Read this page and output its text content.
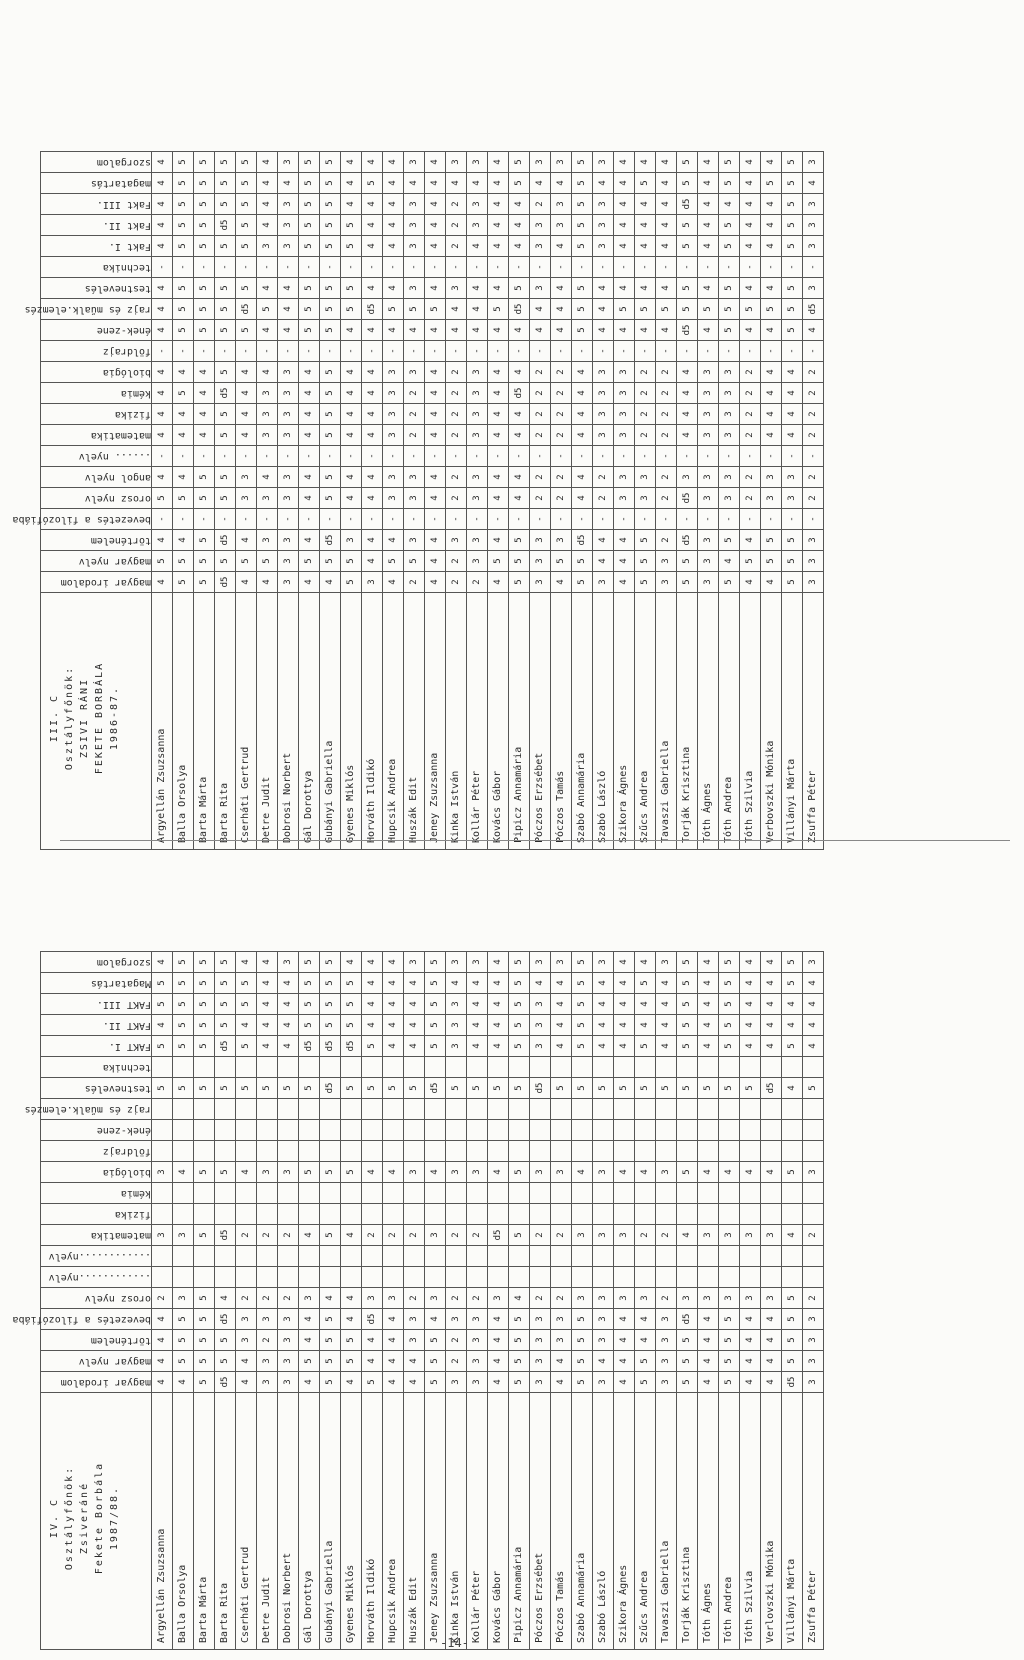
III. C Osztályfőnök: ZSIVI RÁNI FEKETE BORBÁLA 1986-87.	magyar irodalom	magyar nyelv	történelem	bevezetés a filozófiába	orosz nyelv	angol nyelv	...... nyelv	matematika	fizika	kémia	biológia	földrajz	ének-zene	rajz és műalk.elemzés	testnevelés	technika	Fakt I.	Fakt II.	Fakt III.	magatartás	szorgalom

Argyellán Zsuzsanna	4	5	4	-	5	4	-	4	4	4	4	-	4	4	4	-	4	4	4	4	4
Balla Orsolya	5	5	4	-	5	4	-	4	4	5	4	-	5	5	5	-	5	5	5	5	5
Barta Márta	5	5	5	-	5	5	-	4	4	4	4	-	5	5	5	-	5	5	5	5	5
Barta Rita	d5	5	d5	-	5	5	-	5	5	d5	5	-	5	5	5	-	5	d5	5	5	5
Cserháti Gertrud	4	5	4	-	3	3	-	4	4	4	4	-	5	d5	5	-	5	5	5	5	5
Detre Judit	4	5	3	-	3	4	-	3	3	3	4	-	4	5	4	-	3	4	4	4	4
Dobrosi Norbert	3	3	3	-	3	3	-	3	3	3	3	-	4	4	4	-	3	3	3	4	3
Gál Dorottya	4	5	4	-	4	4	-	4	4	4	4	-	5	5	5	-	5	5	5	5	5
Gubányi Gabriella	4	5	d5	-	5	5	-	5	5	5	5	-	5	5	5	-	5	5	5	5	5
Gyenes Miklós	5	5	3	-	4	4	-	4	4	4	4	-	4	5	5	-	5	5	4	4	4
Horváth Ildikó	3	4	4	-	4	4	-	4	4	4	4	-	4	d5	4	-	4	4	4	5	4
Hupcsik Andrea	4	5	4	-	3	3	-	3	3	3	3	-	4	5	4	-	4	4	4	4	4
Huszák Edit	2	5	3	-	3	3	-	2	2	2	3	-	4	5	3	-	3	3	3	4	3
Jeney Zsuzsanna	4	4	4	-	4	4	-	4	4	4	4	-	4	5	4	-	4	4	4	4	4
Kinka István	2	2	3	-	2	2	-	2	2	2	2	-	4	4	3	-	2	2	2	4	3
Kollár Péter	2	3	3	-	3	3	-	3	3	3	3	-	4	4	4	-	4	3	3	4	3
Kovács Gábor	4	5	4	-	4	4	-	4	4	4	4	-	4	5	4	-	4	4	4	4	4
Pipicz Annamária	5	5	5	-	4	4	-	4	4	d5	4	-	4	d5	5	-	4	4	4	5	5
Póczos Erzsébet	3	3	3	-	2	2	-	2	2	2	2	-	4	4	3	-	3	3	2	4	3
Póczos Tamás	4	5	3	-	2	2	-	2	2	2	2	-	4	4	4	-	4	3	3	4	3
Szabó Annamária	5	5	d5	-	4	4	-	4	4	4	4	-	5	5	5	-	5	5	5	5	5
Szabó László	3	4	4	-	2	2	-	3	3	3	3	-	4	4	4	-	3	3	3	4	3
Szikora Ágnes	4	4	4	-	3	3	-	3	3	3	3	-	4	5	4	-	4	4	4	4	4
Szűcs Andrea	5	5	5	-	3	3	-	2	2	2	2	-	4	5	4	-	4	4	4	5	4
Tavaszi Gabriella	3	3	2	-	2	2	-	2	2	2	2	-	4	5	4	-	4	4	4	4	4
Torják Krisztina	5	5	d5	-	d5	3	-	4	4	4	4	-	d5	5	5	-	5	5	d5	5	5
Tóth Ágnes	3	3	3	-	3	3	-	3	3	3	3	-	4	5	4	-	4	4	4	4	4
Tóth Andrea	5	4	5	-	3	3	-	3	3	3	3	-	5	5	5	-	5	5	4	5	5
Tóth Szilvia	4	5	4	-	2	2	-	2	2	2	2	-	4	5	4	-	4	4	4	4	4
Verbovszki Mónika	4	5	5	-	3	3	-	4	4	4	4	-	4	5	4	-	4	4	4	5	4
Villányi Márta	5	5	5	-	3	3	-	4	4	4	4	-	5	5	5	-	5	5	5	5	5
Zsuffa Péter	3	3	3	-	2	2	-	2	2	2	2	-	4	d5	3	-	3	3	3	4	3
IV. C Osztályfőnök: Zsiveráné Fekete Borbála 1987/88.	magyar irodalom	magyar nyelv	történelem	bevezetés a filozófiába	orosz nyelv	............nyelv	............nyelv	matematika	fizika	kémia	biológia	földrajz	ének-zene	rajz és műalk.elemzés	testnevelés	technika	FAKT I.	FAKT II.	FAKT III.	Magatartás	szorgalom

Argyellán Zsuzsanna	4	4	4	4	2			3			3				5		5	4	5	5	4
Balla Orsolya	4	5	5	5	3			3			4				5		5	5	5	5	5
Barta Márta	5	5	5	5	5			5			5				5		5	5	5	5	5
Barta Rita	d5	5	5	d5	4			d5			5				5		d5	5	5	5	5
Cserháti Gertrud	4	4	3	3	2			2			4				5		5	4	5	5	4
Detre Judit	3	3	2	3	2			2			3				5		4	4	4	4	4
Dobrosi Norbert	3	3	3	3	2			2			3				5		4	4	4	4	3
Gál Dorottya	4	5	4	4	3			4			5				5		d5	5	5	5	5
Gubányi Gabriella	5	5	5	5	4			5			5				d5		d5	5	5	5	5
Gyenes Miklós	4	5	5	4	4			4			5				5		d5	5	5	5	4
Horváth Ildikó	5	4	4	d5	3			2			4				5		5	4	4	4	4
Hupcsik Andrea	4	4	4	4	3			2			4				5		4	4	4	4	4
Huszák Edit	4	4	3	3	2			2			3				5		4	4	4	4	3
Jeney Zsuzsanna	5	5	5	4	3			3			4				d5		5	5	5	5	5
Kinka István	3	2	2	3	2			2			3				5		3	3	3	4	3
Kollár Péter	3	3	3	3	2			2			3				5		4	4	4	4	3
Kovács Gábor	4	4	4	4	3			d5			4				5		4	4	4	4	4
Pipicz Annamária	5	5	5	5	4			5			5				5		5	5	5	5	5
Póczos Erzsébet	3	3	3	3	2			2			3				d5		3	3	3	4	3
Póczos Tamás	4	4	3	3	2			2			3				5		4	4	4	4	3
Szabó Annamária	5	5	5	5	3			3			4				5		5	5	5	5	5
Szabó László	3	4	3	3	3			3			3				5		4	4	4	4	3
Szikora Ágnes	4	4	4	4	3			3			4				5		4	4	4	4	4
Szűcs Andrea	5	5	4	4	3			2			4				5		5	4	4	5	4
Tavaszi Gabriella	3	3	3	3	2			2			3				5		4	4	4	4	3
Torják Krisztina	5	5	5	d5	3			4			5				5		5	5	5	5	5
Tóth Ágnes	4	4	4	4	3			3			4				5		4	4	4	4	4
Tóth Andrea	5	5	5	5	3			3			4				5		5	5	5	5	5
Tóth Szilvia	4	4	4	4	3			3			4				5		4	4	4	4	4
Verlovszki Mónika	4	4	4	4	3			3			4				d5		4	4	4	4	4
Villányi Márta	d5	5	5	5	5			4			5				4		5	4	4	5	5
Zsuffa Péter	3	3	3	3	2			2			3				5		4	4	4	4	3
-14-
